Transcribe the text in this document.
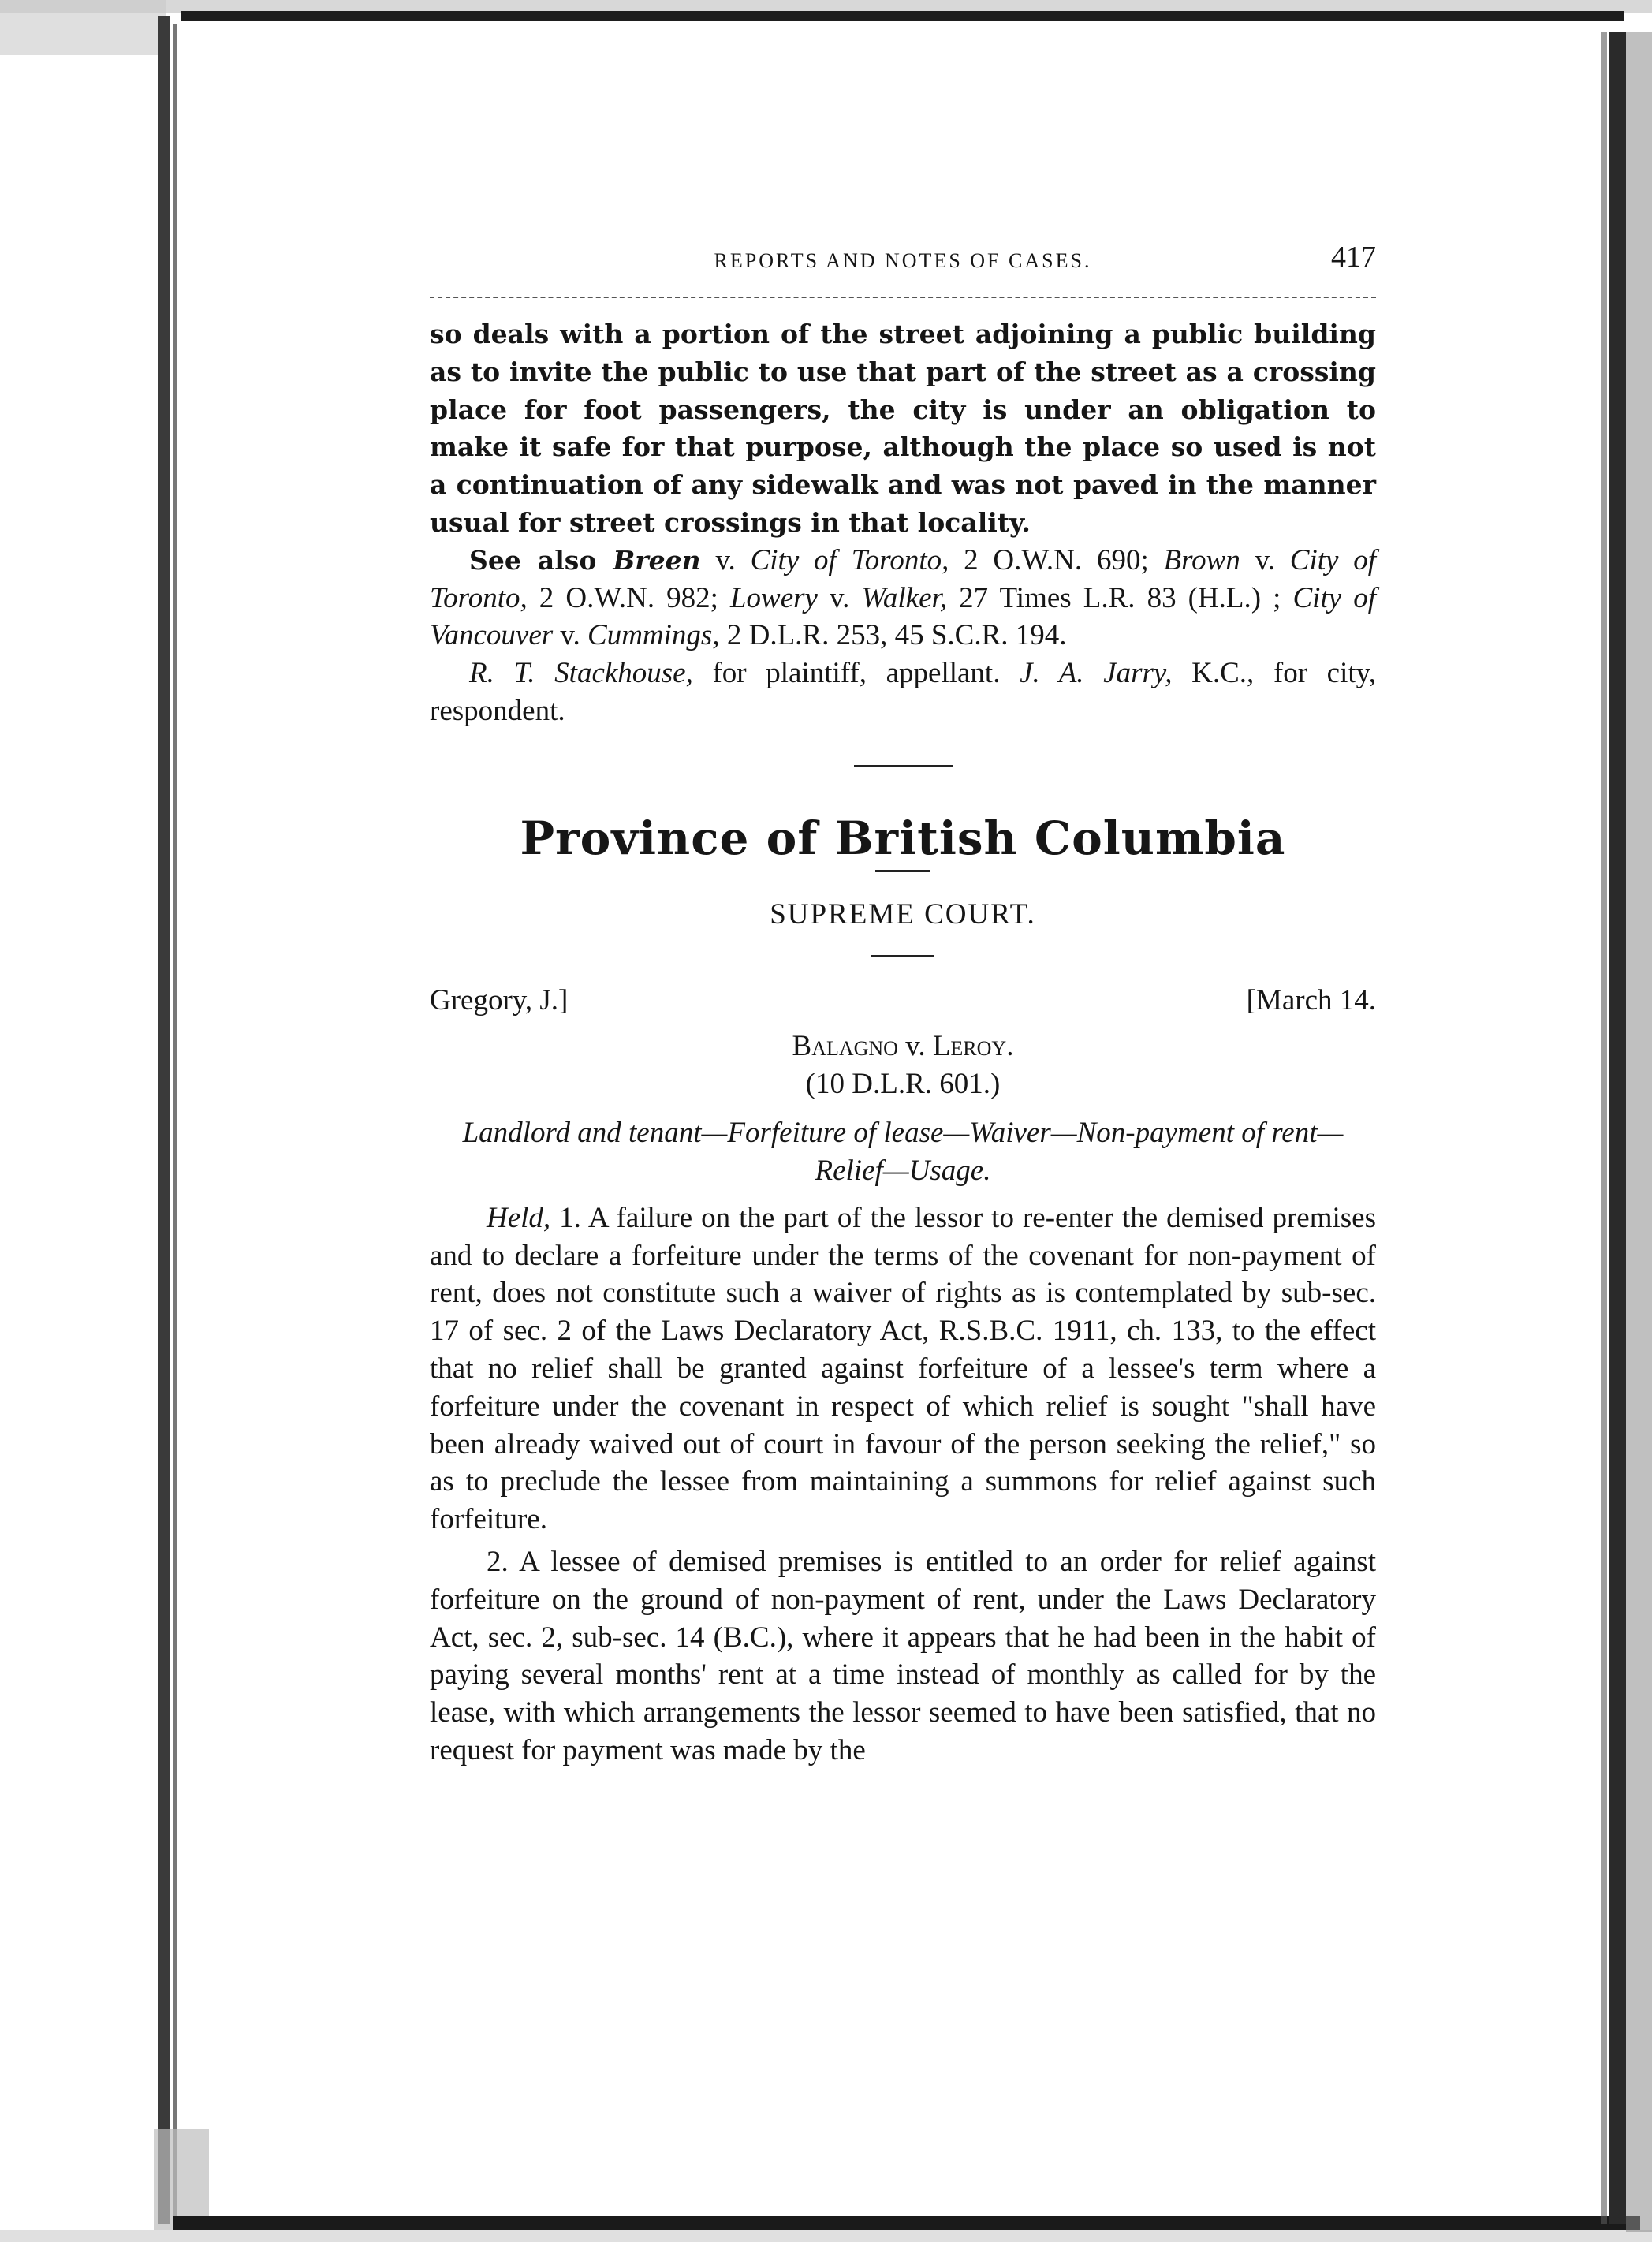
REPORTS AND NOTES OF CASES.	417

so deals with a portion of the street adjoining a public building as to invite the public to use that part of the street as a crossing place for foot passengers, the city is under an obligation to make it safe for that purpose, although the place so used is not a continuation of any sidewalk and was not paved in the manner usual for street crossings in that locality.

See also Breen v. City of Toronto, 2 O.W.N. 690; Brown v. City of Toronto, 2 O.W.N. 982; Lowery v. Walker, 27 Times L.R. 83 (H.L.) ; City of Vancouver v. Cummings, 2 D.L.R. 253, 45 S.C.R. 194.

R. T. Stackhouse, for plaintiff, appellant. J. A. Jarry, K.C., for city, respondent.

Province of British Columbia
SUPREME COURT.
Gregory, J.]	[March 14.
Balagno v. Leroy.
(10 D.L.R. 601.)
Landlord and tenant—Forfeiture of lease—Waiver—Non-payment of rent—Relief—Usage.

Held, 1. A failure on the part of the lessor to re-enter the demised premises and to declare a forfeiture under the terms of the covenant for non-payment of rent, does not constitute such a waiver of rights as is contemplated by sub-sec. 17 of sec. 2 of the Laws Declaratory Act, R.S.B.C. 1911, ch. 133, to the effect that no relief shall be granted against forfeiture of a lessee's term where a forfeiture under the covenant in respect of which relief is sought "shall have been already waived out of court in favour of the person seeking the relief," so as to preclude the lessee from maintaining a summons for relief against such forfeiture.

2. A lessee of demised premises is entitled to an order for relief against forfeiture on the ground of non-payment of rent, under the Laws Declaratory Act, sec. 2, sub-sec. 14 (B.C.), where it appears that he had been in the habit of paying several months' rent at a time instead of monthly as called for by the lease, with which arrangements the lessor seemed to have been satisfied, that no request for payment was made by the
